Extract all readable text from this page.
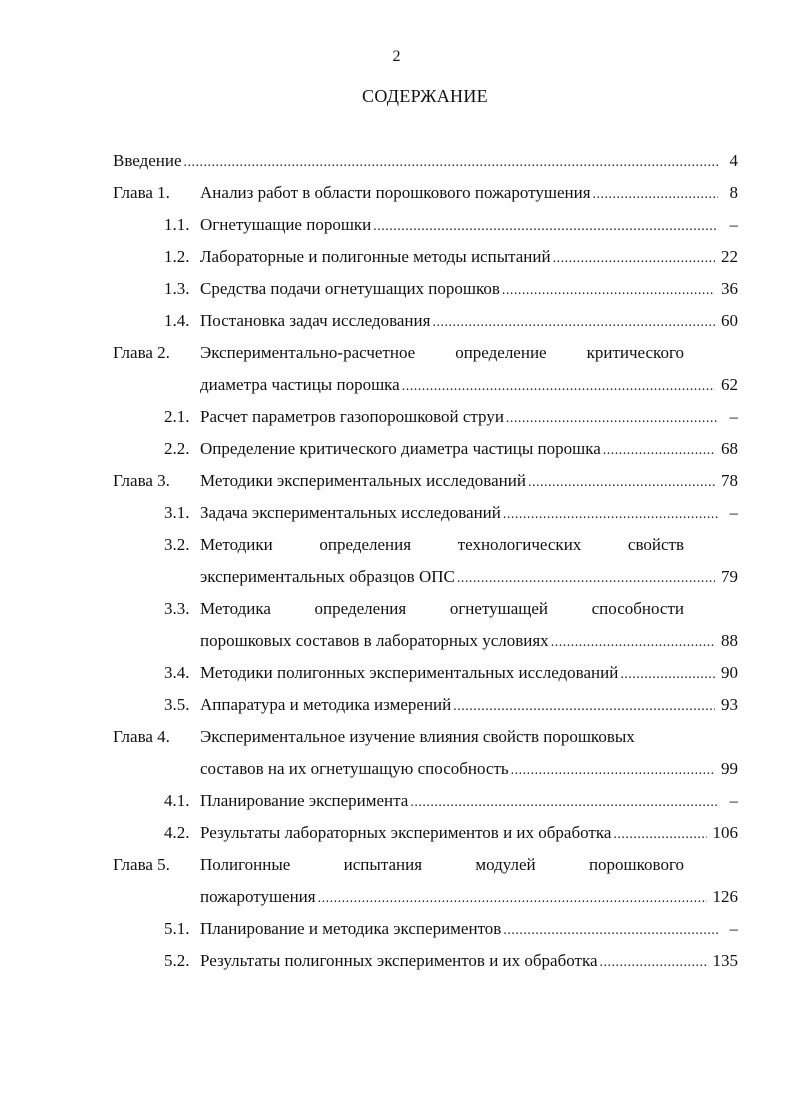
2
СОДЕРЖАНИЕ
Введение .....	4
Глава 1. Анализ работ в области порошкового пожаротушения .....	8
1.1. Огнетушащие порошки .....	–
1.2. Лабораторные и полигонные методы испытаний .....	22
1.3. Средства подачи огнетушащих порошков .....	36
1.4. Постановка задач исследования .....	60
Глава 2. Экспериментально-расчетное определение критического
диаметра частицы порошка .....	62
2.1. Расчет параметров газопорошковой струи .....	–
2.2. Определение критического диаметра частицы порошка .....	68
Глава 3. Методики экспериментальных исследований .....	78
3.1. Задача экспериментальных исследований .....	–
3.2. Методики определения технологических свойств
экспериментальных образцов ОПС .....	79
3.3. Методика определения огнетушащей способности
порошковых составов в лабораторных условиях .....	88
3.4. Методики полигонных экспериментальных исследований .....	90
3.5. Аппаратура и методика измерений .....	93
Глава 4. Экспериментальное изучение влияния свойств порошковых
составов на их огнетушащую способность .....	99
4.1. Планирование эксперимента .....	–
4.2. Результаты лабораторных экспериментов и их обработка .....	106
Глава 5. Полигонные испытания модулей порошкового
пожаротушения .....	126
5.1. Планирование и методика экспериментов .....	–
5.2. Результаты полигонных экспериментов и их обработка .....	135
